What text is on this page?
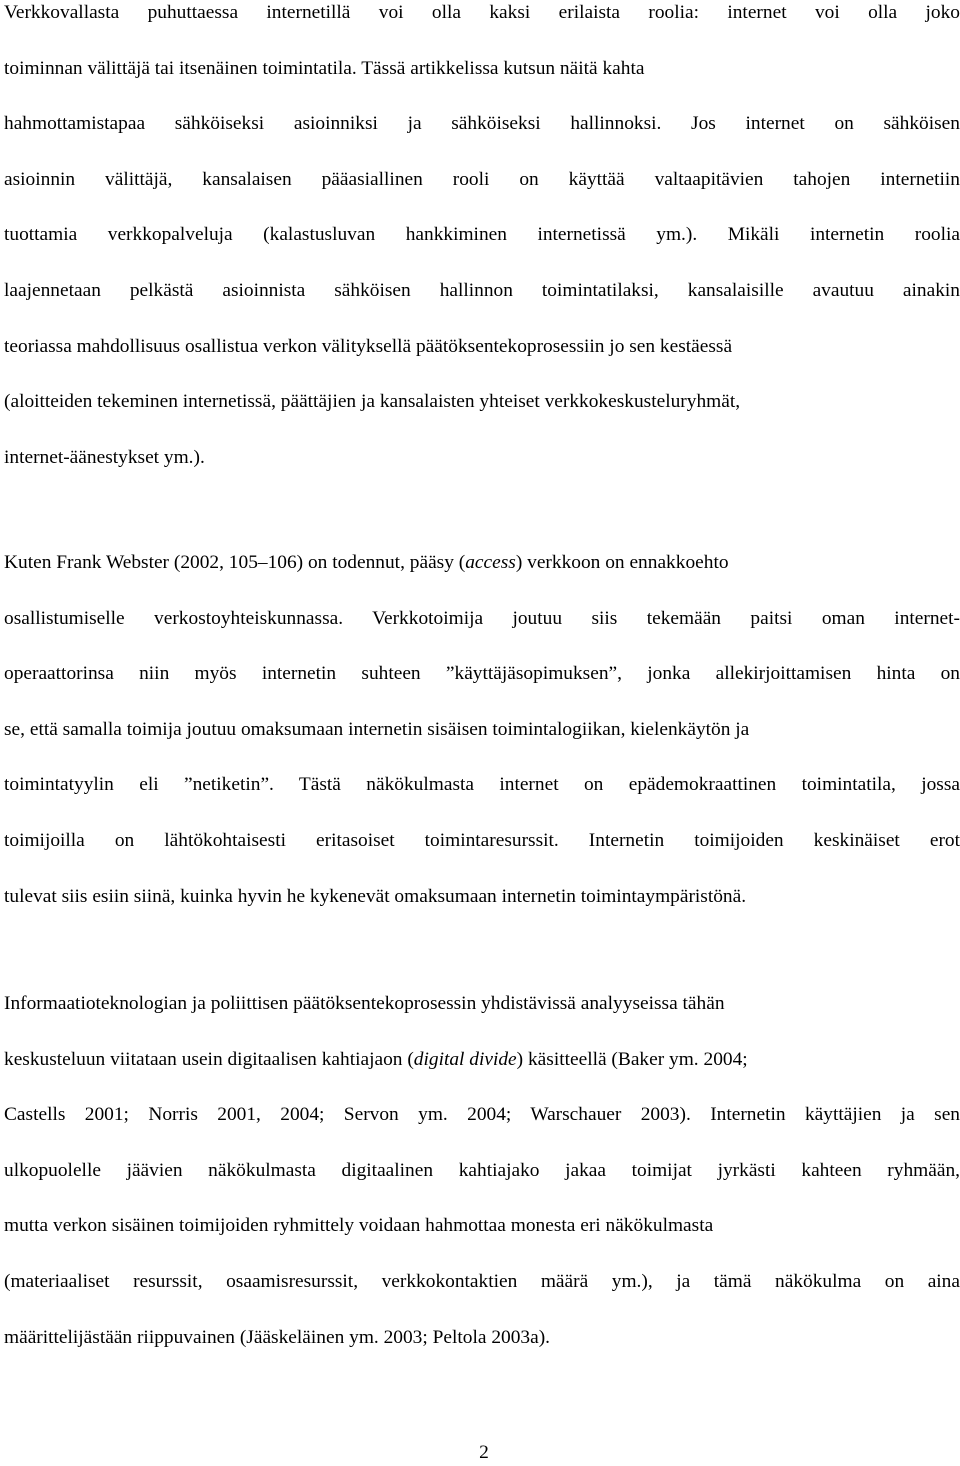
Verkkovallasta puhuttaessa internetillä voi olla kaksi erilaista roolia: internet voi olla joko
toiminnan välittäjä tai itsenäinen toimintatila. Tässä artikkelissa kutsun näitä kahta
hahmottamistapaa sähköiseksi asioinniksi ja sähköiseksi hallinnoksi. Jos internet on sähköisen
asioinnin välittäjä, kansalaisen pääasiallinen rooli on käyttää valtaapitävien tahojen internetiin
tuottamia verkkopalveluja (kalastusluvan hankkiminen internetissä ym.). Mikäli internetin roolia
laajennetaan pelkästä asioinnista sähköisen hallinnon toimintatilaksi, kansalaisille avautuu ainakin
teoriassa mahdollisuus osallistua verkon välityksellä päätöksentekoprosessiin jo sen kestäessä
(aloitteiden tekeminen internetissä, päättäjien ja kansalaisten yhteiset verkkokeskusteluryhmät,
internet-äänestykset ym.).
Kuten Frank Webster (2002, 105–106) on todennut, pääsy (access) verkkoon on ennakkoehto
osallistumiselle verkostoyhteiskunnassa. Verkkotoimija joutuu siis tekemään paitsi oman internet-
operaattorinsa niin myös internetin suhteen ”käyttäjäsopimuksen”, jonka allekirjoittamisen hinta on
se, että samalla toimija joutuu omaksumaan internetin sisäisen toimintalogiikan, kielenkäytön ja
toimintatyylin eli ”netiketin”. Tästä näkökulmasta internet on epädemokraattinen toimintatila, jossa
toimijoilla on lähtökohtaisesti eritasoiset toimintaresurssit. Internetin toimijoiden keskinäiset erot
tulevat siis esiin siinä, kuinka hyvin he kykenevät omaksumaan internetin toimintaympäristönä.
Informaatioteknologian ja poliittisen päätöksentekoprosessin yhdistävissä analyyseissa tähän
keskusteluun viitataan usein digitaalisen kahtiajaon (digital divide) käsitteellä (Baker ym. 2004;
Castells 2001; Norris 2001, 2004; Servon ym. 2004; Warschauer 2003). Internetin käyttäjien ja sen
ulkopuolelle jäävien näkökulmasta digitaalinen kahtiajako jakaa toimijat jyrkästi kahteen ryhmään,
mutta verkon sisäinen toimijoiden ryhmittely voidaan hahmottaa monesta eri näkökulmasta
(materiaaliset resurssit, osaamisresurssit, verkkokontaktien määrä ym.), ja tämä näkökulma on aina
määrittelijästään riippuvainen (Jääskeläinen ym. 2003; Peltola 2003a).
2
